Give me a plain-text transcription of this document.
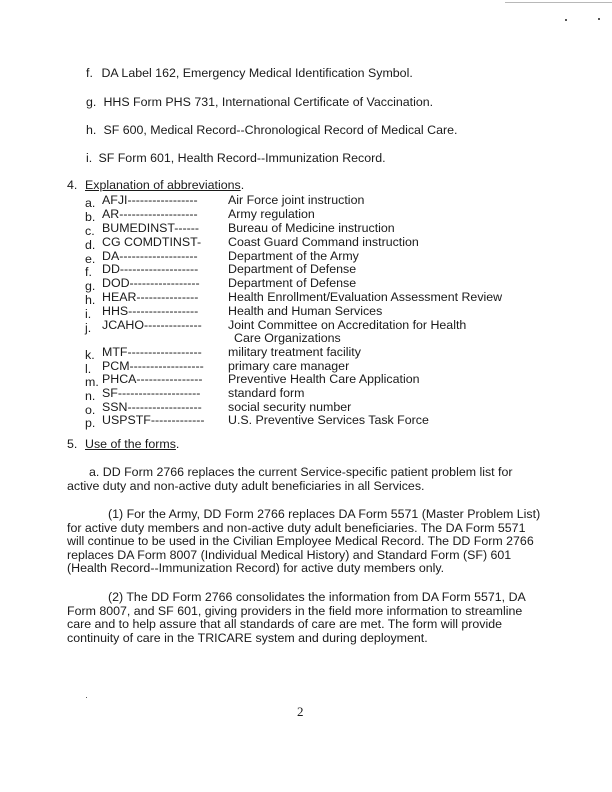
f. DA Label 162, Emergency Medical Identification Symbol.
g. HHS Form PHS 731, International Certificate of Vaccination.
h. SF 600, Medical Record--Chronological Record of Medical Care.
i. SF Form 601, Health Record--Immunization Record.
4. Explanation of abbreviations.
a. AFJI----------------- Air Force joint instruction
b. AR------------------- Army regulation
c. BUMEDINST------ Bureau of Medicine instruction
d. CG COMDTINST- Coast Guard Command instruction
e. DA------------------- Department of the Army
f. DD------------------- Department of Defense
g. DOD----------------- Department of Defense
h. HEAR--------------- Health Enrollment/Evaluation Assessment Review
i. HHS----------------- Health and Human Services
j. JCAHO-------------- Joint Committee on Accreditation for Health
Care Organizations
k. MTF------------------ military treatment facility
l. PCM------------------ primary care manager
m. PHCA---------------- Preventive Health Care Application
n. SF-------------------- standard form
o. SSN------------------ social security number
p. USPSTF------------- U.S. Preventive Services Task Force
5. Use of the forms.
a. DD Form 2766 replaces the current Service-specific patient problem list for active duty and non-active duty adult beneficiaries in all Services.
(1) For the Army, DD Form 2766 replaces DA Form 5571 (Master Problem List) for active duty members and non-active duty adult beneficiaries. The DA Form 5571 will continue to be used in the Civilian Employee Medical Record. The DD Form 2766 replaces DA Form 8007 (Individual Medical History) and Standard Form (SF) 601 (Health Record--Immunization Record) for active duty members only.
(2) The DD Form 2766 consolidates the information from DA Form 5571, DA Form 8007, and SF 601, giving providers in the field more information to streamline care and to help assure that all standards of care are met. The form will provide continuity of care in the TRICARE system and during deployment.
2
